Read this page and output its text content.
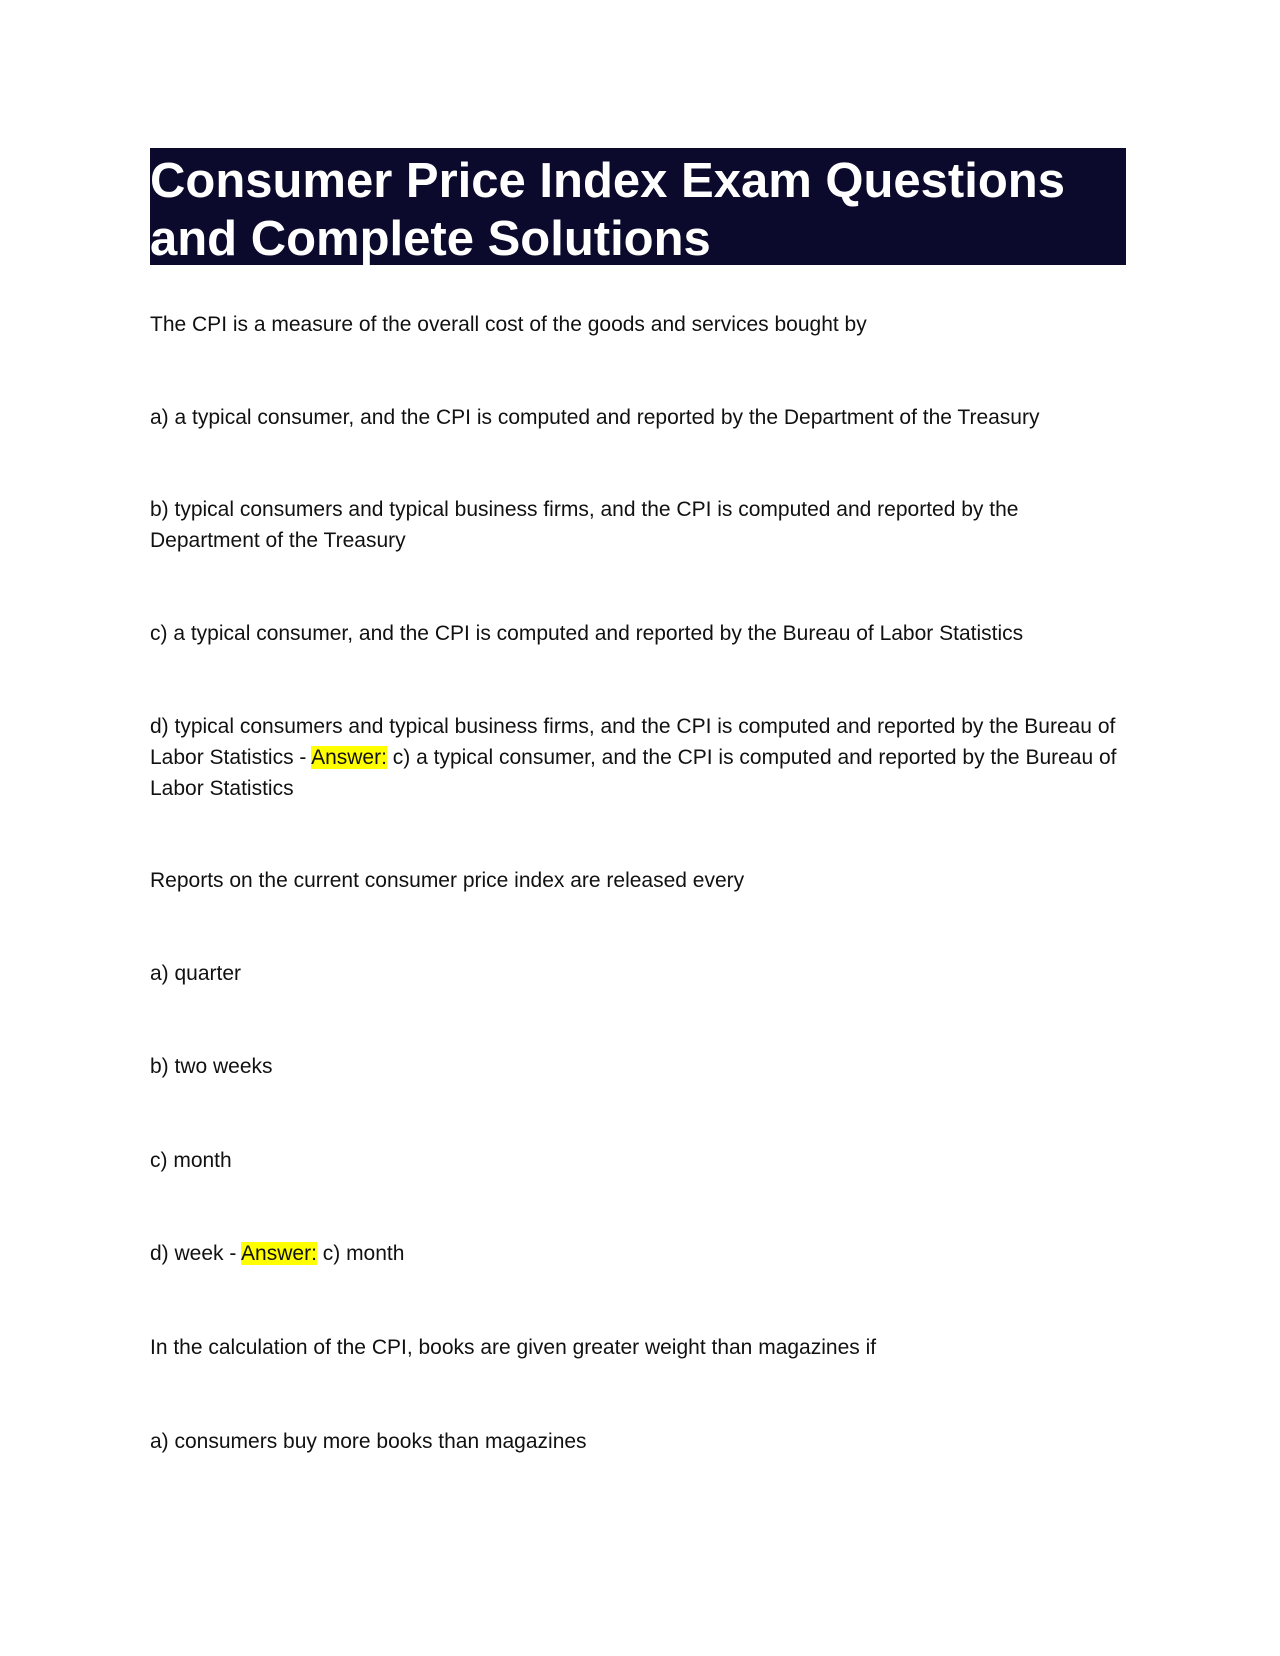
Consumer Price Index Exam Questions
and Complete Solutions
The CPI is a measure of the overall cost of the goods and services bought by
a) a typical consumer, and the CPI is computed and reported by the Department of the Treasury
b) typical consumers and typical business firms, and the CPI is computed and reported by the Department of the Treasury
c) a typical consumer, and the CPI is computed and reported by the Bureau of Labor Statistics
d) typical consumers and typical business firms, and the CPI is computed and reported by the Bureau of Labor Statistics - Answer: c) a typical consumer, and the CPI is computed and reported by the Bureau of Labor Statistics
Reports on the current consumer price index are released every
a) quarter
b) two weeks
c) month
d) week - Answer: c) month
In the calculation of the CPI, books are given greater weight than magazines if
a) consumers buy more books than magazines
